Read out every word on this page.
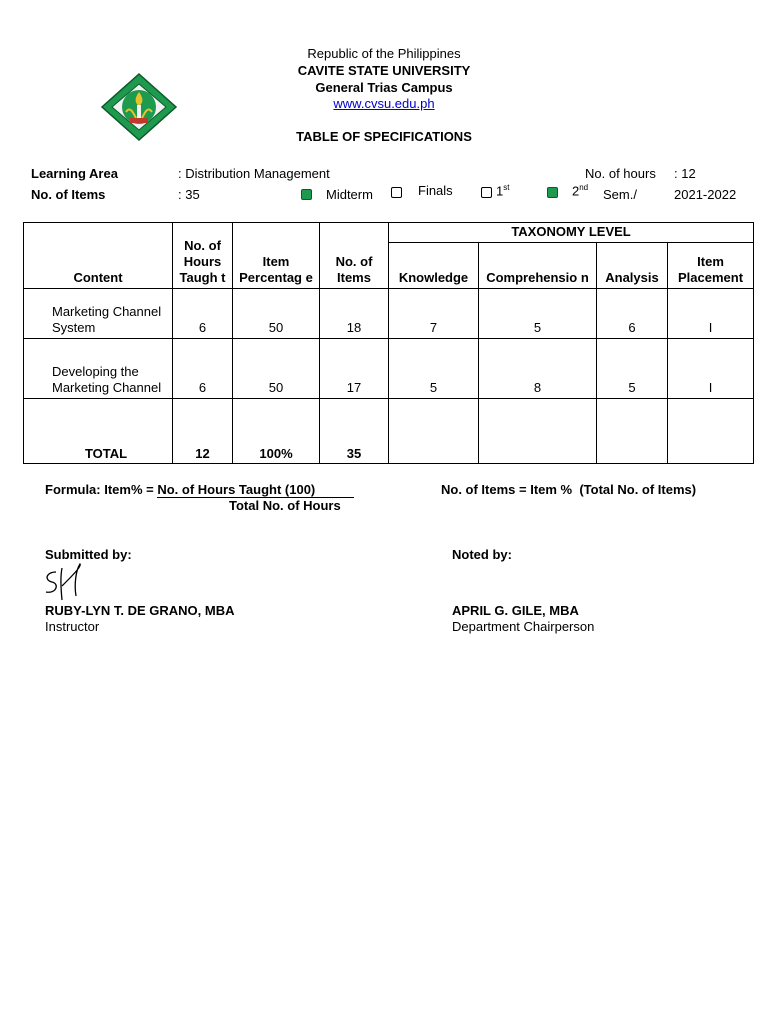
Republic of the Philippines
CAVITE STATE UNIVERSITY
General Trias Campus
www.cvsu.edu.ph
TABLE OF SPECIFICATIONS
Learning Area	: Distribution Management	No. of hours : 12
No. of Items	: 35	Midterm	Finals	1st	2nd Sem./	2021-2022
Content	No. of Hours Taugh t	Item Percentag e	No. of Items	TAXONOMY LEVEL			
				Knowledge	Comprehensio n	Analysis	Item Placement
Marketing Channel System	6	50	18	7	5	6	I
Developing the Marketing Channel	6	50	17	5	8	5	I
TOTAL	12	100%	35				
Formula: Item% = No. of Hours Taught (100)
Total No. of Hours
No. of Items = Item %  (Total No. of Items)
Submitted by:
RUBY-LYN T. DE GRANO, MBA
Instructor
Noted by:
APRIL G. GILE, MBA
Department Chairperson
